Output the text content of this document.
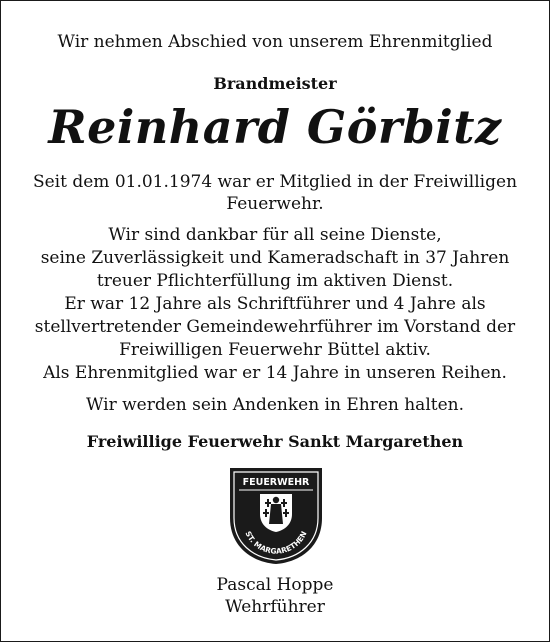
Wir nehmen Abschied von unserem Ehrenmitglied
Brandmeister
Reinhard Görbitz
Seit dem 01.01.1974 war er Mitglied in der Freiwilligen
Feuerwehr.
Wir sind dankbar für all seine Dienste,
seine Zuverlässigkeit und Kameradschaft in 37 Jahren
treuer Pflichterfüllung im aktiven Dienst.
Er war 12 Jahre als Schriftführer und 4 Jahre als
stellvertretender Gemeindewehrführer im Vorstand der
Freiwilligen Feuerwehr Büttel aktiv.
Als Ehrenmitglied war er 14 Jahre in unseren Reihen.
Wir werden sein Andenken in Ehren halten.
Freiwillige Feuerwehr Sankt Margarethen
FEUERWEHR
ST. MARGARETHEN
Pascal Hoppe
Wehrführer
